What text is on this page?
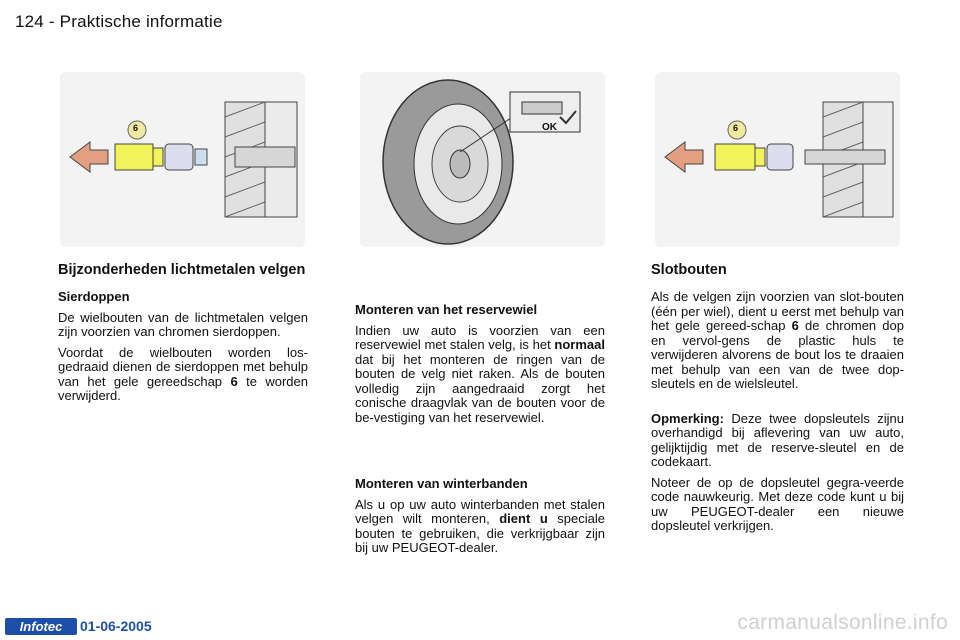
124 - Praktische informatie
6	OK	6
Bijzonderheden lichtmetalen velgen
Sierdoppen

De wielbouten van de lichtmetalen velgen zijn voorzien van chromen sierdoppen.

Voordat de wielbouten worden los-gedraaid dienen de sierdoppen met behulp van het gele gereedschap 6 te worden verwijderd.

Monteren van het reservewiel

Indien uw auto is voorzien van een reservewiel met stalen velg, is het normaal dat bij het monteren de ringen van de bouten de velg niet raken. Als de bouten volledig zijn aangedraaid zorgt het conische draagvlak van de bouten voor de be-vestiging van het reservewiel.

Monteren van winterbanden

Als u op uw auto winterbanden met stalen velgen wilt monteren, dient u speciale bouten te gebruiken, die verkrijgbaar zijn bij uw PEUGEOT-dealer.

Slotbouten

Als de velgen zijn voorzien van slot-bouten (één per wiel), dient u eerst met behulp van het gele gereed-schap 6 de chromen dop en vervol-gens de plastic huls te verwijderen alvorens de bout los te draaien met behulp van een van de twee dop-sleutels en de wielsleutel.

Opmerking: Deze twee dopsleutels zijnu overhandigd bij aflevering van uw auto, gelijktijdig met de reserve-sleutel en de codekaart.

Noteer de op de dopsleutel gegra-veerde code nauwkeurig. Met deze code kunt u bij uw PEUGEOT-dealer een nieuwe dopsleutel verkrijgen.

Infotec	01-06-2005	carmanualsonline.info
